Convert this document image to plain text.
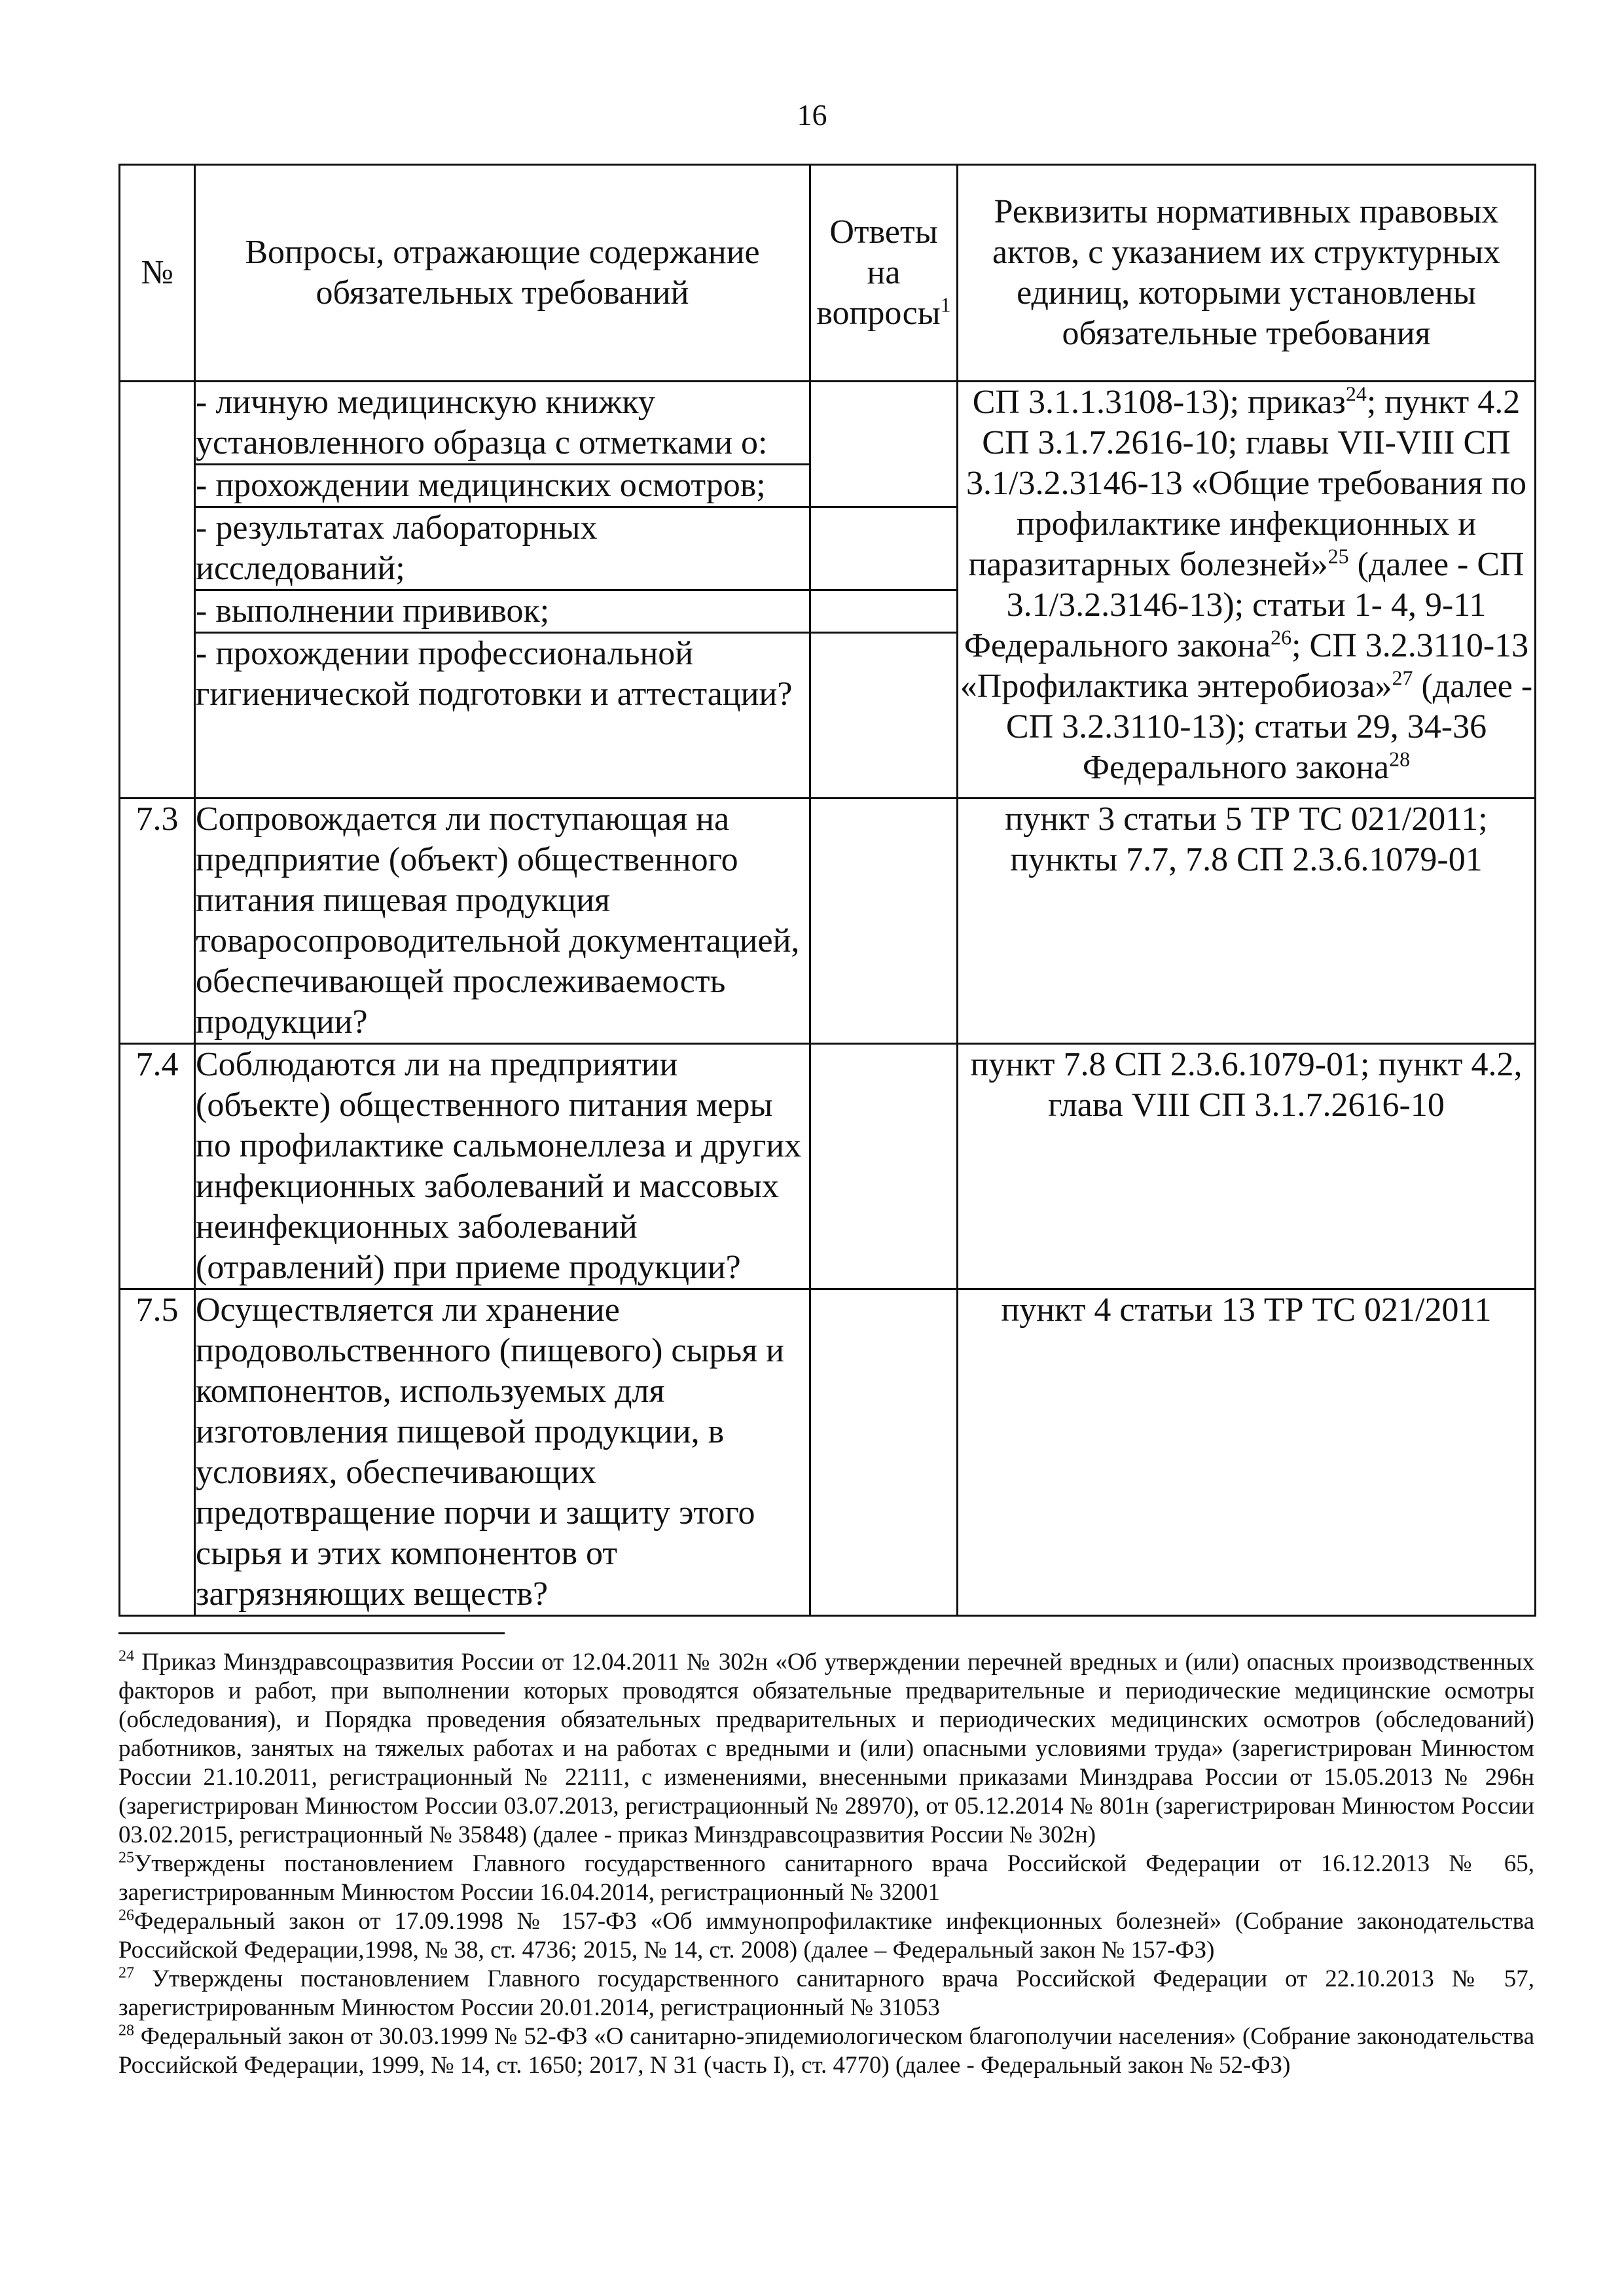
16
№	Вопросы, отражающие содержание обязательных требований	Ответы на вопросы$^1$	Реквизиты нормативных правовых актов, с указанием их структурных единиц, которыми установлены обязательные требования
	- личную медицинскую книжку установленного образца с отметками о:		СП 3.1.1.3108-13); приказ$^{24}$; пункт 4.2 СП 3.1.7.2616-10; главы VII-VIII СП 3.1/3.2.3146-13 «Общие требования по профилактике инфекционных и паразитарных болезней»$^{25}$ (далее - СП 3.1/3.2.3146-13); статьи 1- 4, 9-11 Федерального закона$^{26}$; СП 3.2.3110-13 «Профилактика энтеробиоза»$^{27}$ (далее - СП 3.2.3110-13); статьи 29, 34-36 Федерального закона$^{28}$
	- прохождении медицинских осмотров;		
	- результатах лабораторных исследований;		
	- выполнении прививок;		
	- прохождении профессиональной гигиенической подготовки и аттестации?		
7.3	Сопровождается ли поступающая на предприятие (объект) общественного питания пищевая продукция товаросопроводительной документацией, обеспечивающей прослеживаемость продукции?		пункт 3 статьи 5 ТР ТС 021/2011; пункты 7.7, 7.8 СП 2.3.6.1079-01
7.4	Соблюдаются ли на предприятии (объекте) общественного питания меры по профилактике сальмонеллеза и других инфекционных заболеваний и массовых неинфекционных заболеваний (отравлений) при приеме продукции?		пункт 7.8 СП 2.3.6.1079-01; пункт 4.2, глава VIII СП 3.1.7.2616-10
7.5	Осуществляется ли хранение продовольственного (пищевого) сырья и компонентов, используемых для изготовления пищевой продукции, в условиях, обеспечивающих предотвращение порчи и защиту этого сырья и этих компонентов от загрязняющих веществ?		пункт 4 статьи 13 ТР ТС 021/2011

$^{24}$ Приказ Минздравсоцразвития России от 12.04.2011 № 302н «Об утверждении перечней вредных и (или) опасных производственных факторов и работ, при выполнении которых проводятся обязательные предварительные и периодические медицинские осмотры (обследования), и Порядка проведения обязательных предварительных и периодических медицинских осмотров (обследований) работников, занятых на тяжелых работах и на работах с вредными и (или) опасными условиями труда» (зарегистрирован Минюстом России 21.10.2011, регистрационный № 22111, с изменениями, внесенными приказами Минздрава России от 15.05.2013 № 296н (зарегистрирован Минюстом России 03.07.2013, регистрационный № 28970), от 05.12.2014 № 801н (зарегистрирован Минюстом России 03.02.2015, регистрационный № 35848) (далее - приказ Минздравсоцразвития России № 302н)

$^{25}$Утверждены постановлением Главного государственного санитарного врача Российской Федерации от 16.12.2013 № 65, зарегистрированным Минюстом России 16.04.2014, регистрационный № 32001

$^{26}$Федеральный закон от 17.09.1998 № 157-ФЗ «Об иммунопрофилактике инфекционных болезней» (Собрание законодательства Российской Федерации,1998, № 38, ст. 4736; 2015, № 14, ст. 2008) (далее – Федеральный закон № 157-ФЗ)

$^{27}$ Утверждены постановлением Главного государственного санитарного врача Российской Федерации от 22.10.2013 № 57, зарегистрированным Минюстом России 20.01.2014, регистрационный № 31053

$^{28}$ Федеральный закон от 30.03.1999 № 52-ФЗ «О санитарно-эпидемиологическом благополучии населения» (Собрание законодательства Российской Федерации, 1999, № 14, ст. 1650; 2017, N 31 (часть I), ст. 4770) (далее - Федеральный закон № 52-ФЗ)
